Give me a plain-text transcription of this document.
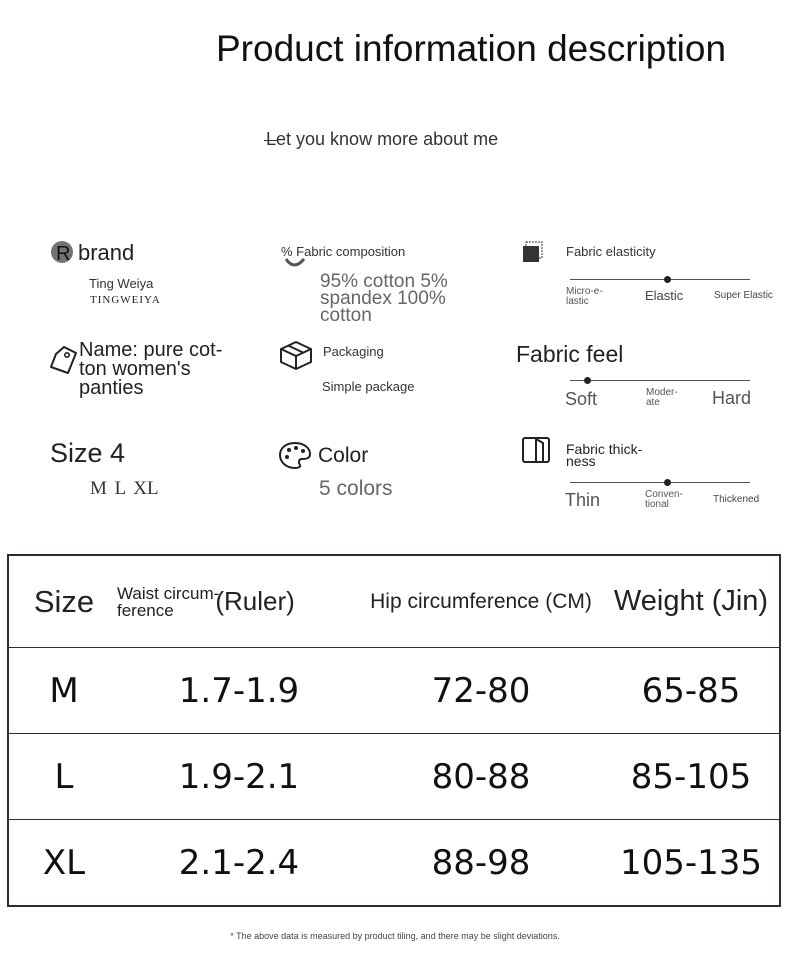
Product information description
Let you know more about me
R brand
Ting Weiya
TINGWEIYA
% Fabric composition
95% cotton 5%
spandex 100%
cotton
Fabric elasticity
Micro-e-
lastic	Elastic	Super Elastic
Name: pure cot-
ton women's
panties
Packaging
Simple package
Fabric feel
Soft	Moder-
ate	Hard
Size 4
M L XL
Color
5 colors
Fabric thick-
ness
Thin	Conven-
tional	Thickened
Size	Waist circum-
ference (Ruler)	Hip circumference (CM)	Weight (Jin)
M	1.7-1.9	72-80	65-85
L	1.9-2.1	80-88	85-105
XL	2.1-2.4	88-98	105-135
* The above data is measured by product tiling, and there may be slight deviations.
